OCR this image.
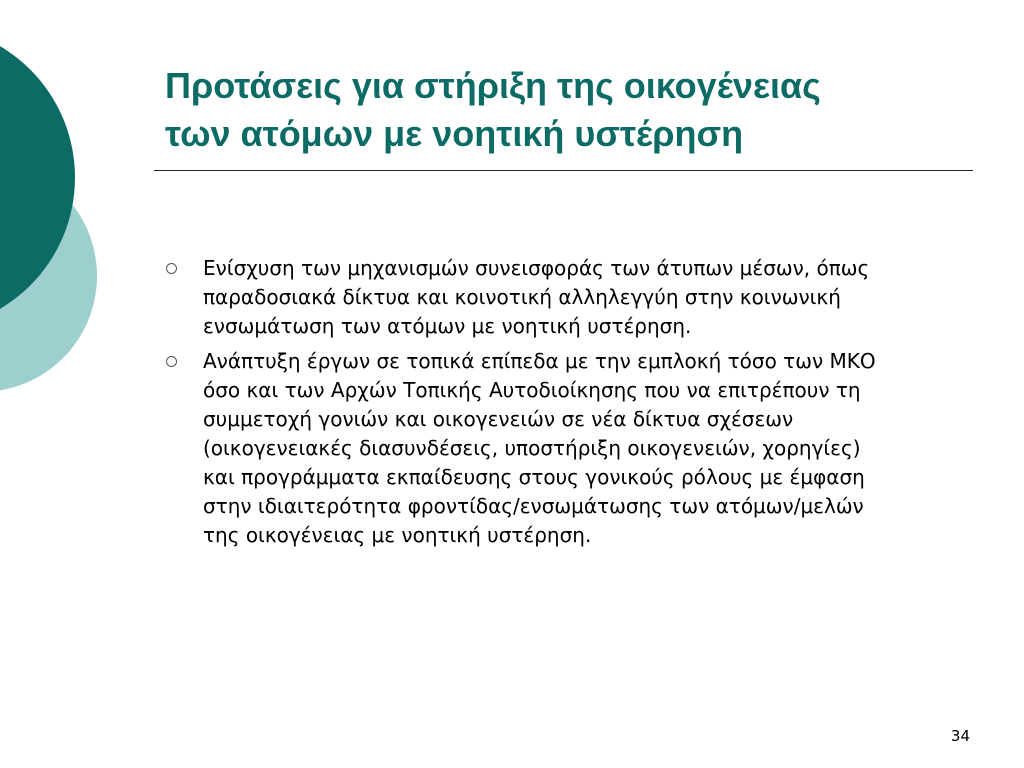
Προτάσεις για στήριξη της οικογένειας
των ατόμων με νοητική υστέρηση
Ενίσχυση των μηχανισμών συνεισφοράς των άτυπων μέσων, όπως
παραδοσιακά δίκτυα και κοινοτική αλληλεγγύη στην κοινωνική
ενσωμάτωση των ατόμων με νοητική υστέρηση.
Ανάπτυξη έργων σε τοπικά επίπεδα με την εμπλοκή τόσο των ΜΚΟ
όσο και των Αρχών Τοπικής Αυτοδιοίκησης που να επιτρέπουν τη
συμμετοχή γονιών και οικογενειών σε νέα δίκτυα σχέσεων
(οικογενειακές διασυνδέσεις, υποστήριξη οικογενειών, χορηγίες)
και προγράμματα εκπαίδευσης στους γονικούς ρόλους με έμφαση
στην ιδιαιτερότητα φροντίδας/ενσωμάτωσης των ατόμων/μελών
της οικογένειας με νοητική υστέρηση.
34
